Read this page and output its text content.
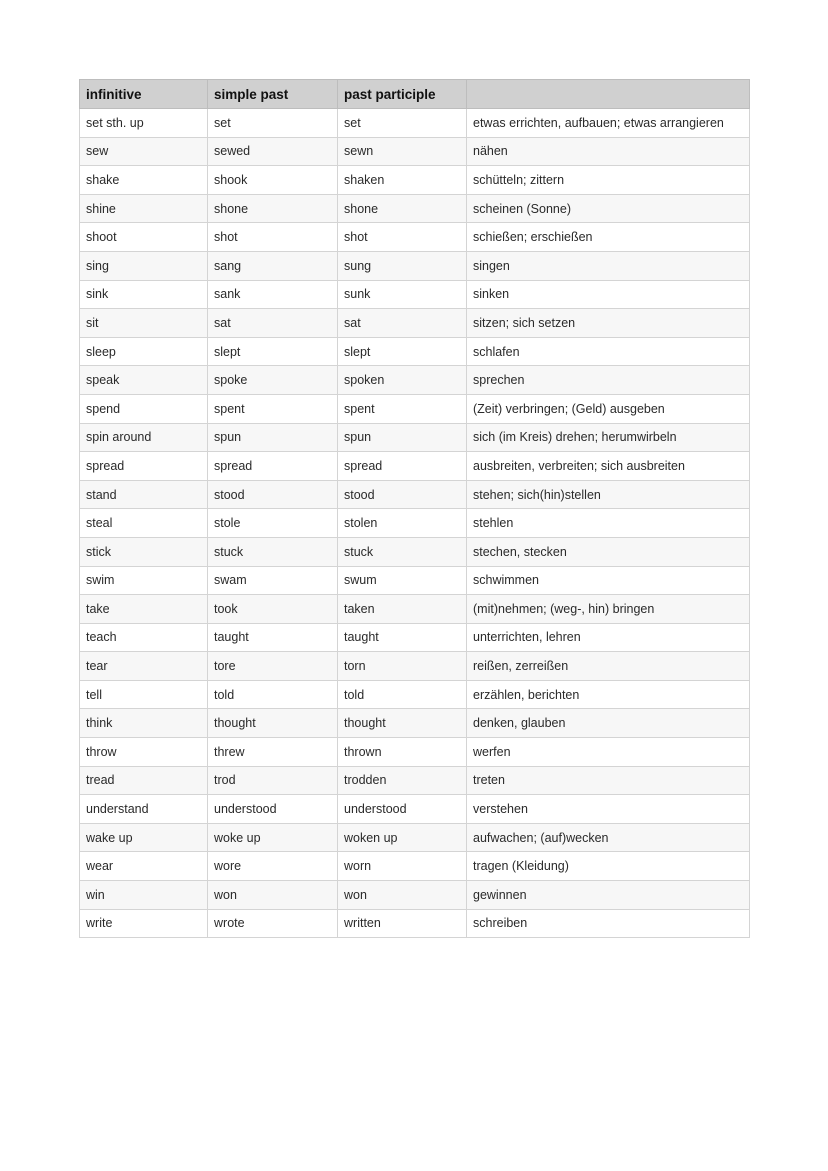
infinitive	simple past	past participle	
set sth. up	set	set	etwas errichten, aufbauen; etwas arrangieren
sew	sewed	sewn	nähen
shake	shook	shaken	schütteln; zittern
shine	shone	shone	scheinen (Sonne)
shoot	shot	shot	schießen; erschießen
sing	sang	sung	singen
sink	sank	sunk	sinken
sit	sat	sat	sitzen; sich setzen
sleep	slept	slept	schlafen
speak	spoke	spoken	sprechen
spend	spent	spent	(Zeit) verbringen; (Geld) ausgeben
spin around	spun	spun	sich (im Kreis) drehen; herumwirbeln
spread	spread	spread	ausbreiten, verbreiten; sich ausbreiten
stand	stood	stood	stehen; sich(hin)stellen
steal	stole	stolen	stehlen
stick	stuck	stuck	stechen, stecken
swim	swam	swum	schwimmen
take	took	taken	(mit)nehmen; (weg-, hin) bringen
teach	taught	taught	unterrichten, lehren
tear	tore	torn	reißen, zerreißen
tell	told	told	erzählen, berichten
think	thought	thought	denken, glauben
throw	threw	thrown	werfen
tread	trod	trodden	treten
understand	understood	understood	verstehen
wake up	woke up	woken up	aufwachen; (auf)wecken
wear	wore	worn	tragen (Kleidung)
win	won	won	gewinnen
write	wrote	written	schreiben
